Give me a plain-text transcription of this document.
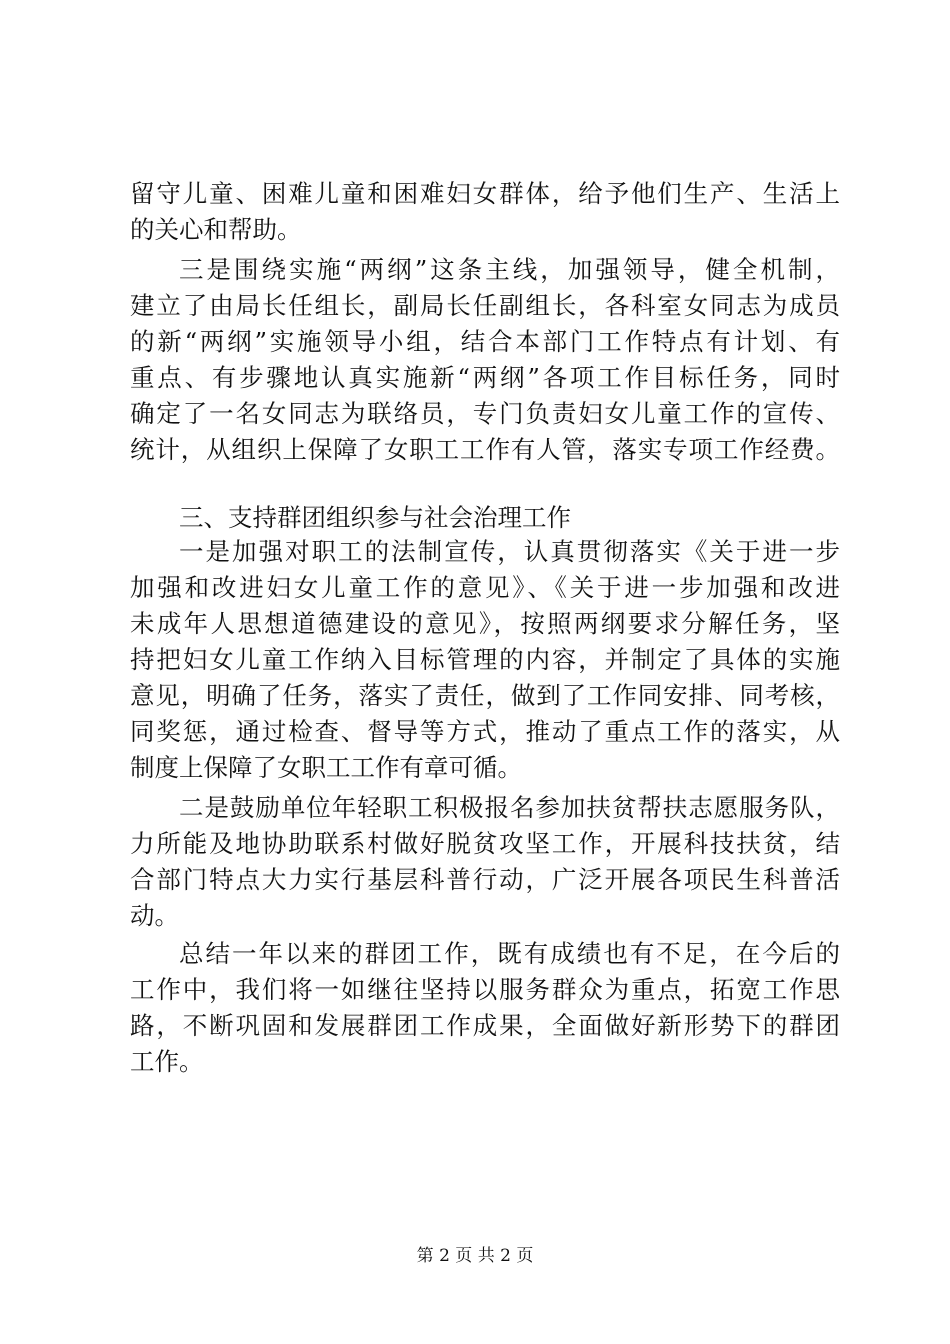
留守儿童、困难儿童和困难妇女群体，给予他们生产、生活上
的关心和帮助。
三是围绕实施“两纲”这条主线，加强领导，健全机制，
建立了由局长任组长，副局长任副组长，各科室女同志为成员
的新“两纲”实施领导小组，结合本部门工作特点有计划、有
重点、有步骤地认真实施新“两纲”各项工作目标任务，同时
确定了一名女同志为联络员，专门负责妇女儿童工作的宣传、
统计，从组织上保障了女职工工作有人管，落实专项工作经费。
三、支持群团组织参与社会治理工作
一是加强对职工的法制宣传，认真贯彻落实《关于进一步
加强和改进妇女儿童工作的意见》、《关于进一步加强和改进
未成年人思想道德建设的意见》，按照两纲要求分解任务，坚
持把妇女儿童工作纳入目标管理的内容，并制定了具体的实施
意见，明确了任务，落实了责任，做到了工作同安排、同考核，
同奖惩，通过检查、督导等方式，推动了重点工作的落实，从
制度上保障了女职工工作有章可循。
二是鼓励单位年轻职工积极报名参加扶贫帮扶志愿服务队，
力所能及地协助联系村做好脱贫攻坚工作，开展科技扶贫，结
合部门特点大力实行基层科普行动，广泛开展各项民生科普活
动。
总结一年以来的群团工作，既有成绩也有不足，在今后的
工作中，我们将一如继往坚持以服务群众为重点，拓宽工作思
路，不断巩固和发展群团工作成果，全面做好新形势下的群团
工作。
第 2 页 共 2 页
